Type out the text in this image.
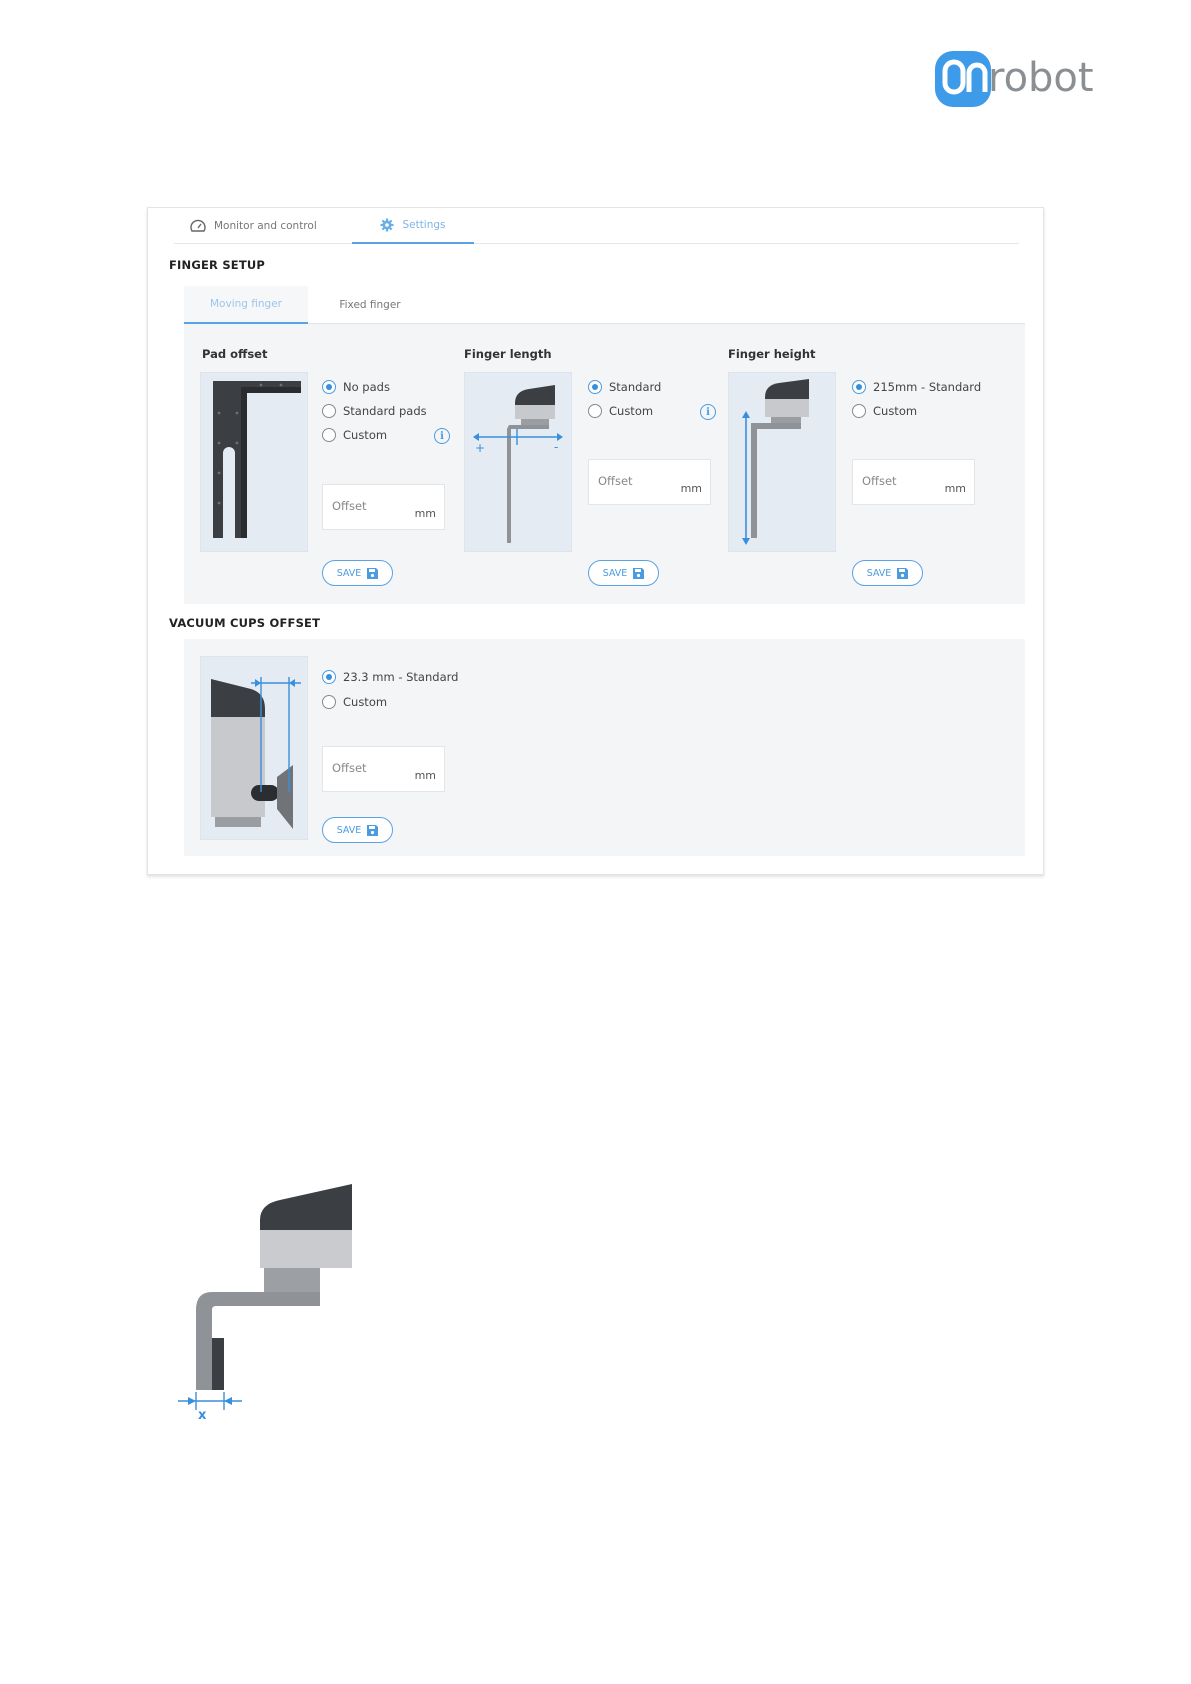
robot
Monitor and control	Settings
FINGER SETUP
Moving finger	Fixed finger
Pad offset
No pads
Standard pads
Custom	i
Offset
mm
SAVE
Finger length
+	-
Standard
Custom	i
Offset
mm
SAVE
Finger height
215mm - Standard
Custom
Offset
mm
SAVE
VACUUM CUPS OFFSET
23.3 mm - Standard
Custom
Offset
mm
SAVE
x
